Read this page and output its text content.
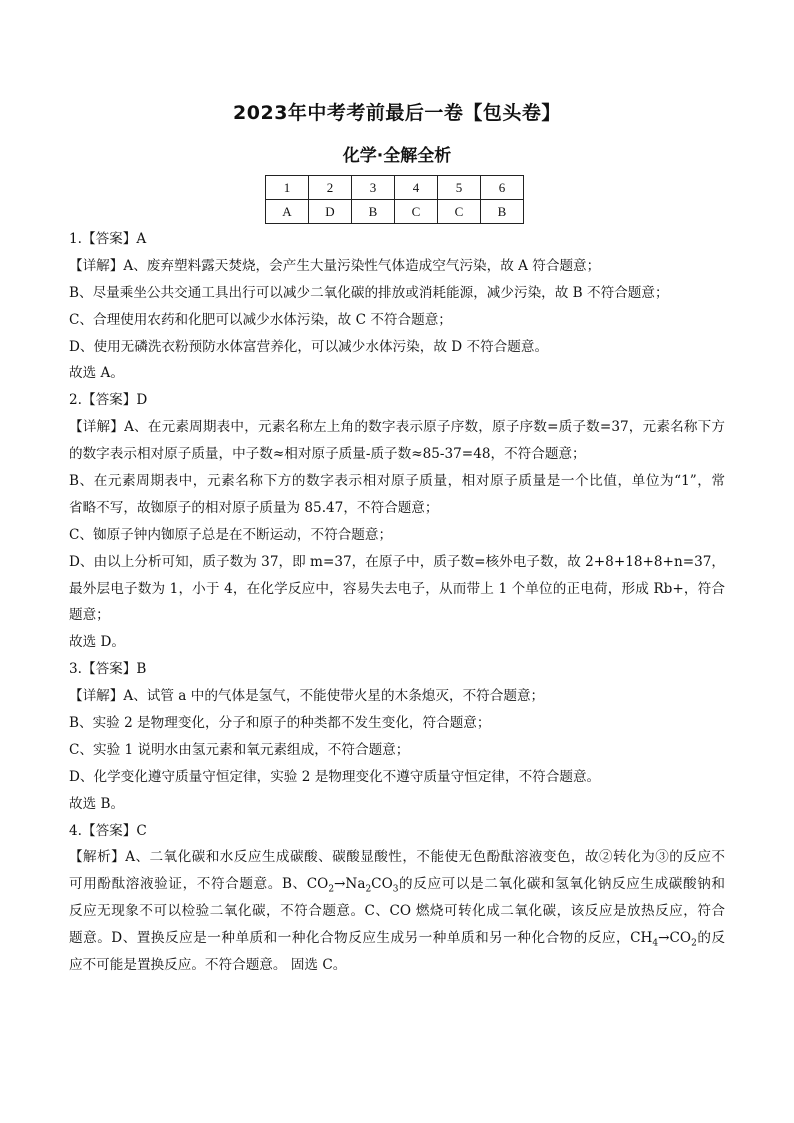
2023年中考考前最后一卷【包头卷】
化学·全解全析
1	2	3	4	5	6
A	D	B	C	C	B
1.【答案】A
【详解】A、废弃塑料露天焚烧，会产生大量污染性气体造成空气污染，故 A 符合题意；
B、尽量乘坐公共交通工具出行可以减少二氧化碳的排放或消耗能源，减少污染，故 B 不符合题意；
C、合理使用农药和化肥可以减少水体污染，故 C 不符合题意；
D、使用无磷洗衣粉预防水体富营养化，可以减少水体污染，故 D 不符合题意。
故选 A。
2.【答案】D
【详解】A、在元素周期表中，元素名称左上角的数字表示原子序数，原子序数=质子数=37，元素名称下方
的数字表示相对原子质量，中子数≈相对原子质量-质子数≈85-37=48，不符合题意；
B、在元素周期表中，元素名称下方的数字表示相对原子质量，相对原子质量是一个比值，单位为“1”，常
省略不写，故铷原子的相对原子质量为 85.47，不符合题意；
C、铷原子钟内铷原子总是在不断运动，不符合题意；
D、由以上分析可知，质子数为 37，即 m=37，在原子中，质子数=核外电子数，故 2+8+18+8+n=37，
最外层电子数为 1，小于 4，在化学反应中，容易失去电子，从而带上 1 个单位的正电荷，形成 Rb+，符合
题意；
故选 D。
3.【答案】B
【详解】A、试管 a 中的气体是氢气，不能使带火星的木条熄灭，不符合题意；
B、实验 2 是物理变化，分子和原子的种类都不发生变化，符合题意；
C、实验 1 说明水由氢元素和氧元素组成，不符合题意；
D、化学变化遵守质量守恒定律，实验 2 是物理变化不遵守质量守恒定律，不符合题意。
故选 B。
4.【答案】C
【解析】A、二氧化碳和水反应生成碳酸、碳酸显酸性，不能使无色酚酞溶液变色，故②转化为③的反应不
可用酚酞溶液验证，不符合题意。B、$CO_2\to Na_2CO_3$的反应可以是二氧化碳和氢氧化钠反应生成碳酸钠和
反应无现象不可以检验二氧化碳，不符合题意。C、CO 燃烧可转化成二氧化碳，该反应是放热反应，符合
题意。D、置换反应是一种单质和一种化合物反应生成另一种单质和另一种化合物的反应，$CH_4\to CO_2$的反
应不可能是置换反应。不符合题意。 固选 C。
